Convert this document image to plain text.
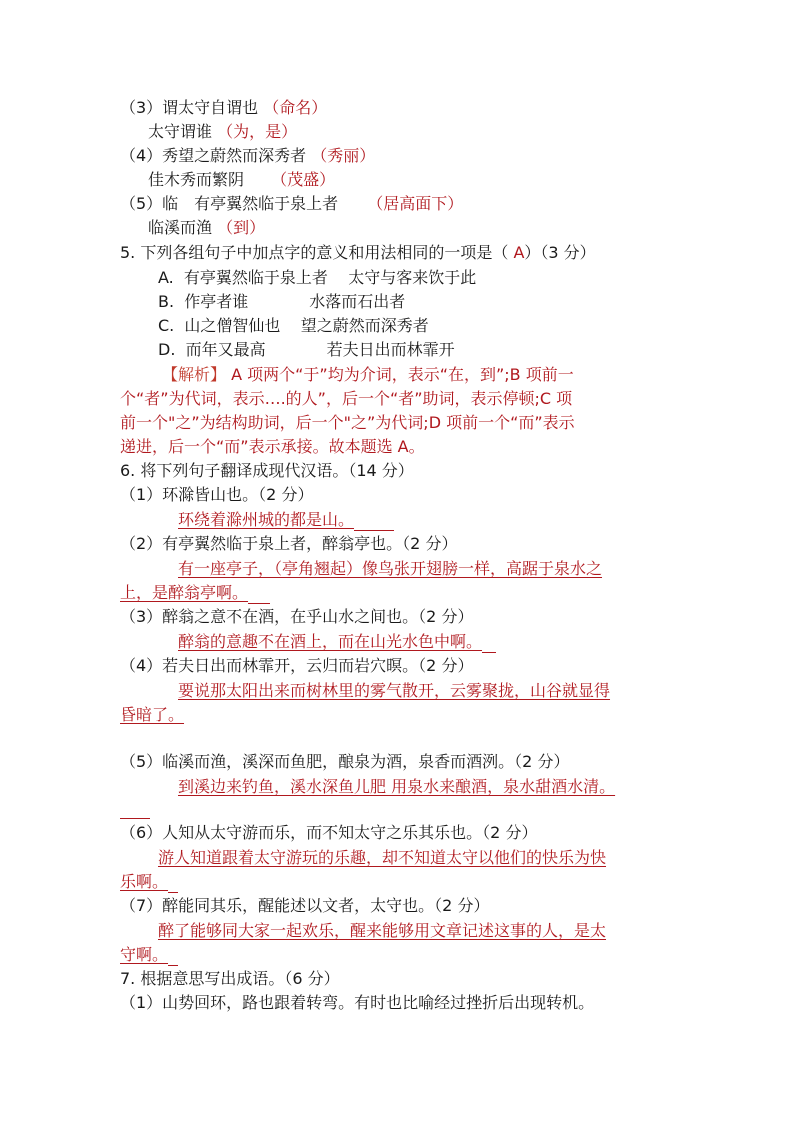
（3）谓太守自谓也 （命名）
太守谓谁 （为，是）
（4）秀望之蔚然而深秀者 （秀丽）
佳木秀而繁阴 （茂盛）
（5）临　有亭翼然临于泉上者 （居高面下）
临溪而渔 （到）
5. 下列各组句子中加点字的意义和用法相同的一项是（ A）（3 分）
A.  有亭翼然临于泉上者    太守与客来饮于此
B.  作亭者谁            水落而石出者
C.  山之僧智仙也    望之蔚然而深秀者
D.  而年又最高            若夫日出而林霏开
【解析】 A 项两个“于”均为介词，表示“在，到”;B 项前一
个“者”为代词，表示….的人”，后一个“者”助词，表示停顿;C 项
前一个"之”为结构助词，后一个"之”为代词;D 项前一个“而”表示
递进，后一个“而”表示承接。故本题选 A。
6. 将下列句子翻译成现代汉语。（14 分）
（1）环滁皆山也。（2 分）
环绕着滁州城的都是山。
（2）有亭翼然临于泉上者，醉翁亭也。（2 分）
有一座亭子，（亭角翘起）像鸟张开翅膀一样，高踞于泉水之
上，是醉翁亭啊。
（3）醉翁之意不在酒，在乎山水之间也。（2 分）
醉翁的意趣不在酒上，而在山光水色中啊。
（4）若夫日出而林霏开，云归而岩穴暝。（2 分）
要说那太阳出来而树林里的雾气散开，云雾聚拢，山谷就显得
昏暗了。
（5）临溪而渔，溪深而鱼肥，酿泉为酒，泉香而酒洌。（2 分）
到溪边来钓鱼，溪水深鱼儿肥 用泉水来酿酒，泉水甜酒水清。
（6）人知从太守游而乐，而不知太守之乐其乐也。（2 分）
游人知道跟着太守游玩的乐趣，却不知道太守以他们的快乐为快
乐啊。
（7）醉能同其乐，醒能述以文者，太守也。（2 分）
醉了能够同大家一起欢乐，醒来能够用文章记述这事的人，是太
守啊。
7. 根据意思写出成语。（6 分）
（1）山势回环，路也跟着转弯。有时也比喻经过挫折后出现转机。
